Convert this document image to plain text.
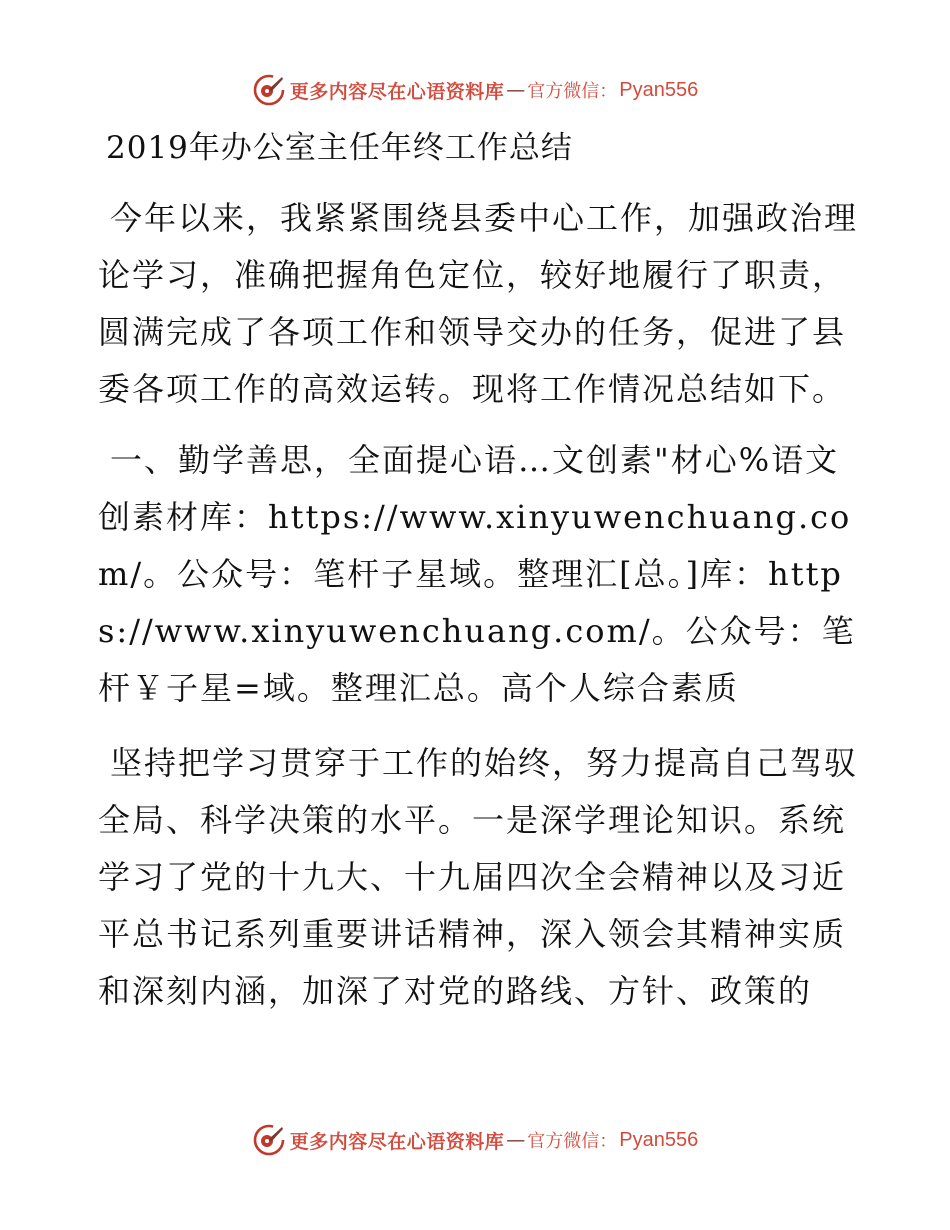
更多内容尽在心语资料库 — 官方微信： Pyan556
2019年办公室主任年终工作总结

今年以来，我紧紧围绕县委中心工作，加强政治理论学习，准确把握角色定位，较好地履行了职责，圆满完成了各项工作和领导交办的任务，促进了县委各项工作的高效运转。现将工作情况总结如下。

一、勤学善思，全面提心语…文创素"材心%语文创素材库：https://www.xinyuwenchuang.com/。公众号：笔杆子星域。整理汇[总。]库：https://www.xinyuwenchuang.com/。公众号：笔杆￥子星=域。整理汇总。高个人综合素质

坚持把学习贯穿于工作的始终，努力提高自己驾驭全局、科学决策的水平。一是深学理论知识。系统学习了党的十九大、十九届四次全会精神以及习近平总书记系列重要讲话精神，深入领会其精神实质和深刻内涵，加深了对党的路线、方针、政策的

更多内容尽在心语资料库 — 官方微信： Pyan556
